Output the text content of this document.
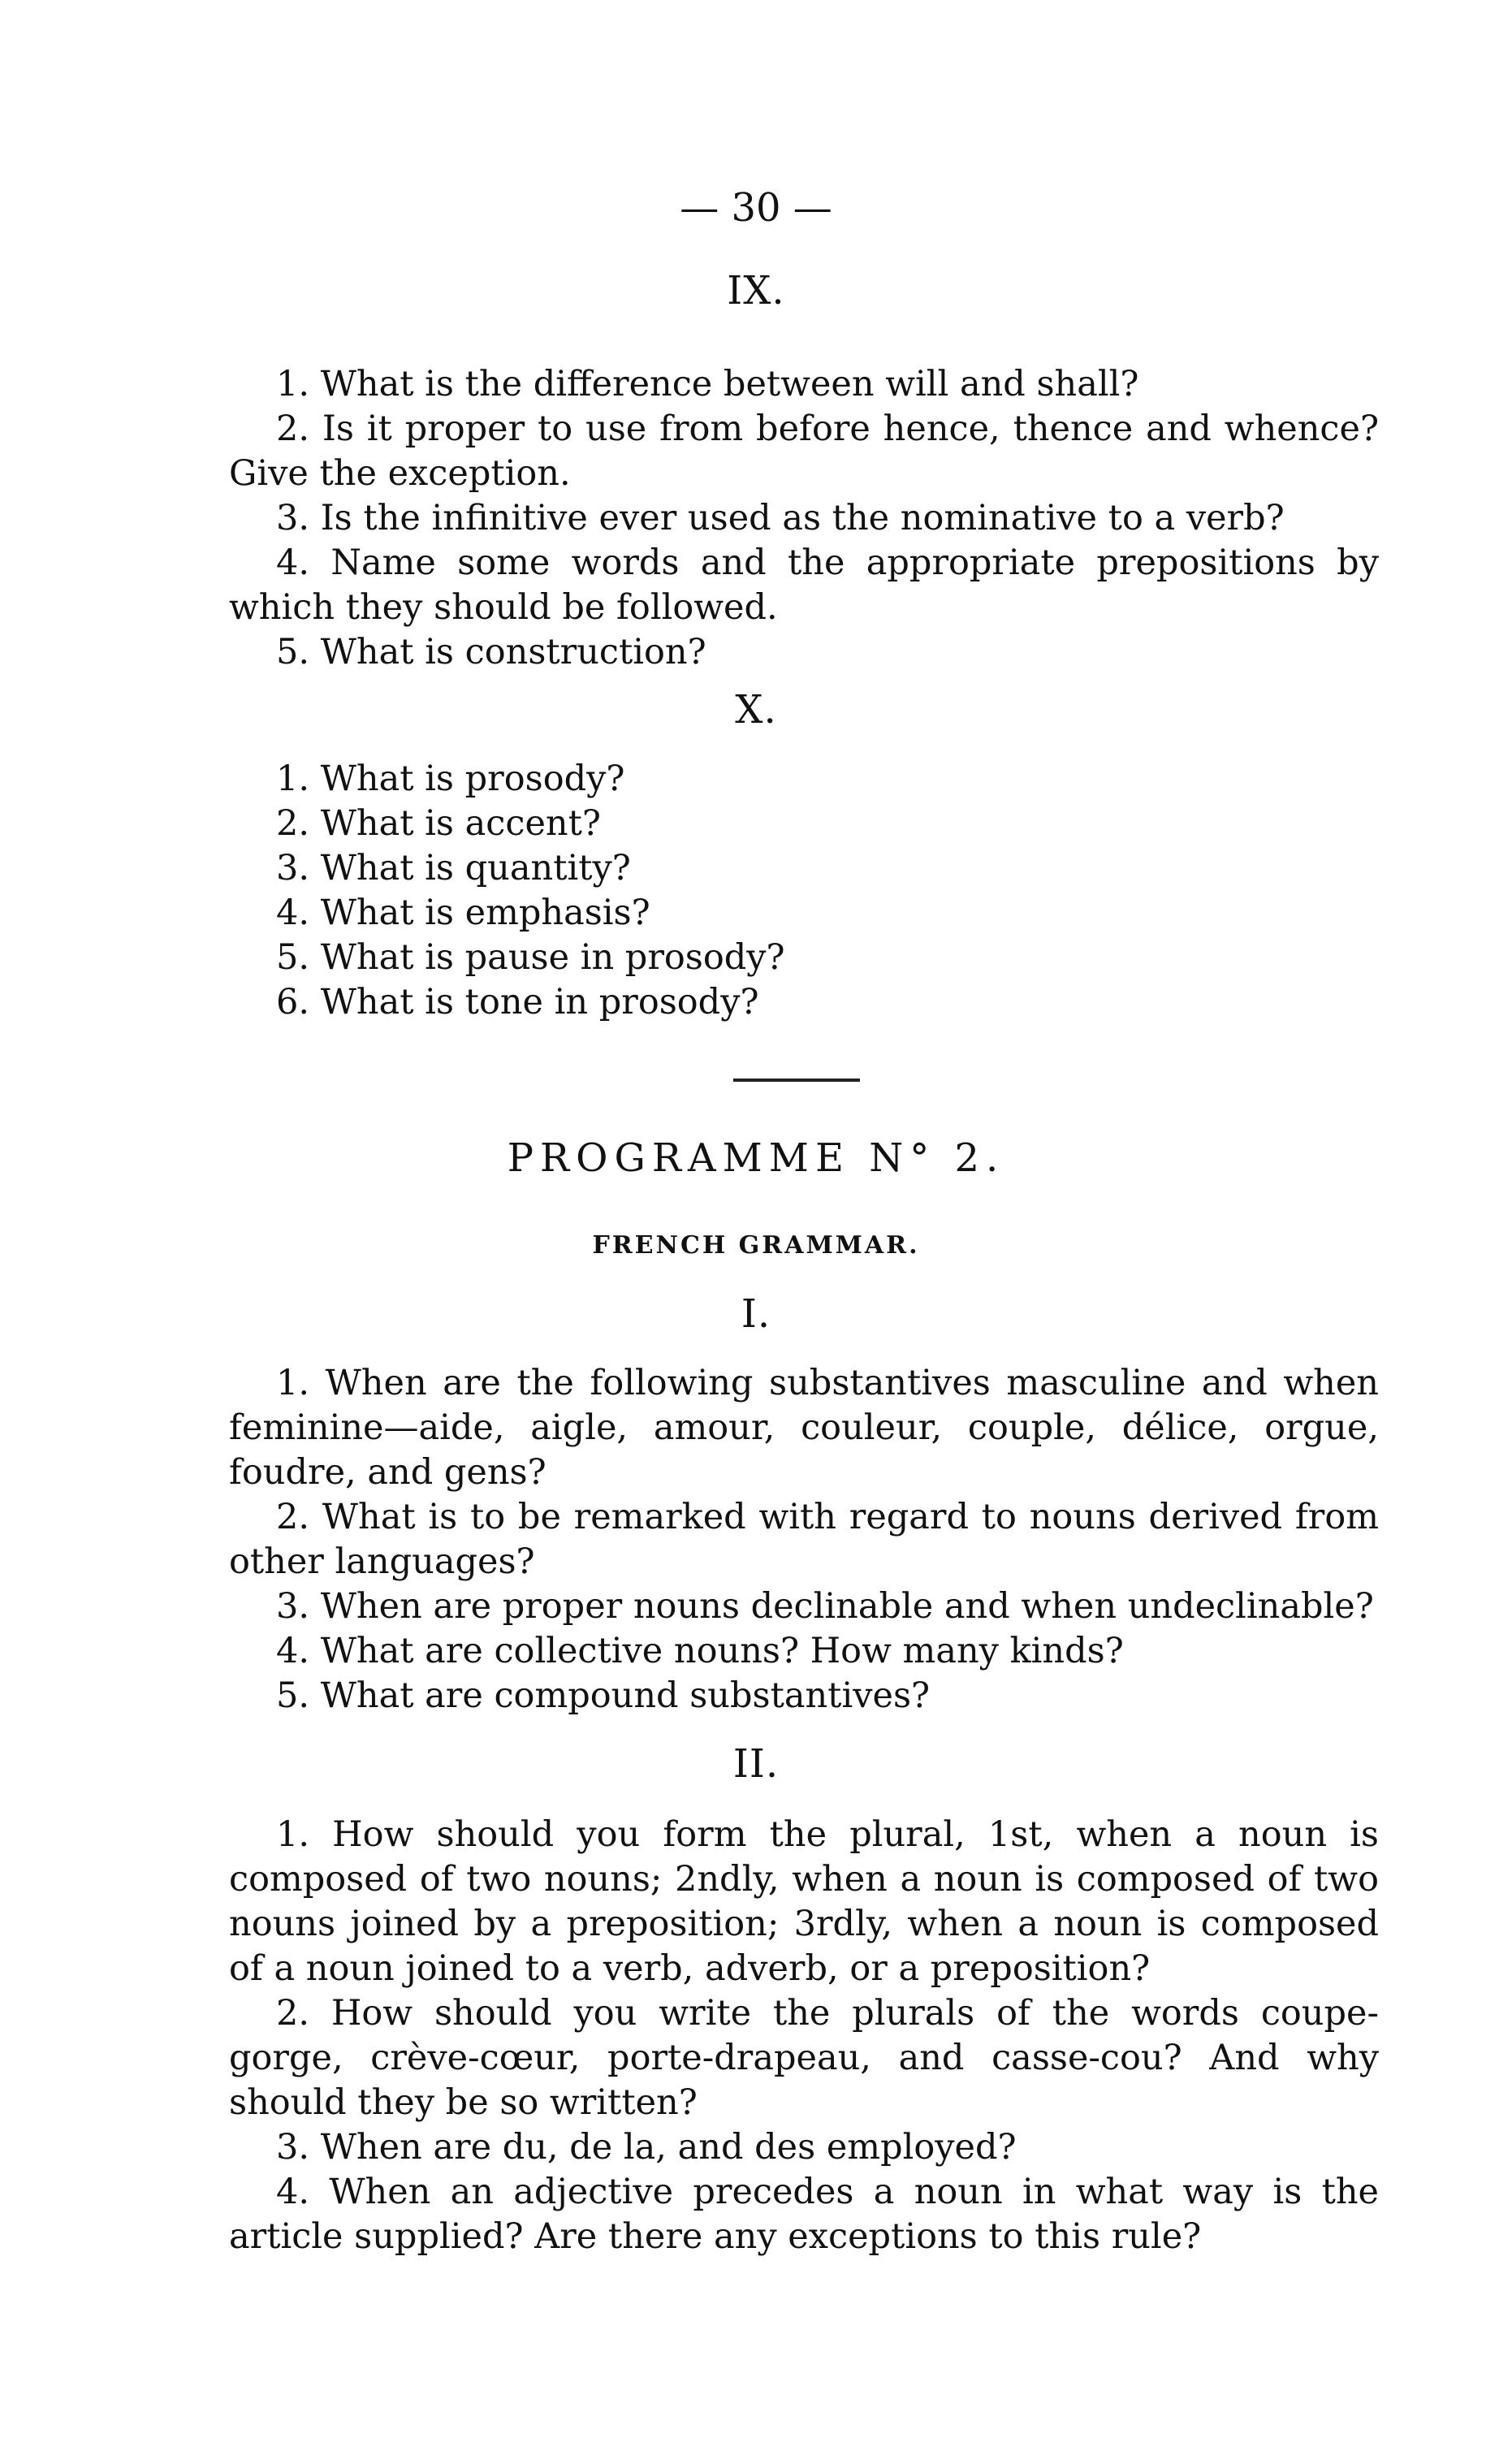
— 30 —
IX.

1. What is the difference between will and shall?

2. Is it proper to use from before hence, thence and whence? Give the exception.

3. Is the infinitive ever used as the nominative to a verb?

4. Name some words and the appropriate prepositions by which they should be followed.

5. What is construction?

X.

1. What is prosody?

2. What is accent?

3. What is quantity?

4. What is emphasis?

5. What is pause in prosody?

6. What is tone in prosody?

PROGRAMME N° 2.
FRENCH GRAMMAR.
I.

1. When are the following substantives masculine and when feminine—aide, aigle, amour, couleur, couple, délice, orgue, foudre, and gens?

2. What is to be remarked with regard to nouns derived from other languages?

3. When are proper nouns declinable and when undeclinable?

4. What are collective nouns? How many kinds?

5. What are compound substantives?

II.

1. How should you form the plural, 1st, when a noun is composed of two nouns; 2ndly, when a noun is composed of two nouns joined by a preposition; 3rdly, when a noun is composed of a noun joined to a verb, adverb, or a preposition?

2. How should you write the plurals of the words coupe-gorge, crève-cœur, porte-drapeau, and casse-cou? And why should they be so written?

3. When are du, de la, and des employed?

4. When an adjective precedes a noun in what way is the article supplied? Are there any exceptions to this rule?
